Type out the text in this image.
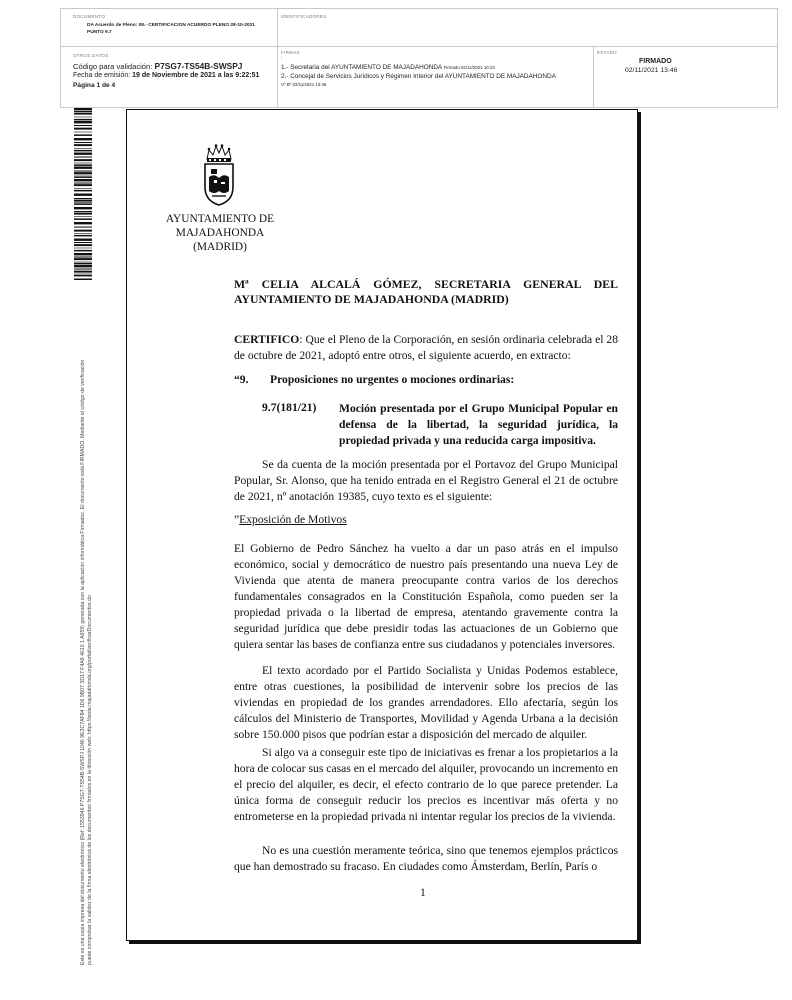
DOCUMENTO
DA Acuerdo de Pleno: 08.- CERTIFICACION ACUERDO PLENO 28-10-2021
PUNTO 9.7
IDENTIFICADORES
OTROS DATOS
Código para validación: P7SG7-TS54B-SWSPJ
Fecha de emisión: 19 de Noviembre de 2021 a las 9:22:51
Página 1 de 4
FIRMAS
:
1.- Secretaria del AYUNTAMIENTO DE MAJADAHONDA Firmado 02/11/2021 10:23
2.- Concejal de Servicios Jurídicos y Régimen Interior del AYUNTAMIENTO DE MAJADAHONDA
Vº Bº 02/11/2021 13:46
ESTADO
FIRMADO
02/11/2021 13:46
Este es una copia impresa del documento electrónico (Ref: 1553946 P7SG7-TS54B-SWSPJ 1046 9E3C7AF84 1D6 9B07 3D17 F4A9 4610 1 A659) generada con la aplicación informática Firmadoc. El documento está FIRMADO. Mediante el código de verificación puede comprobar la validez de la firma electrónica de los documentos firmados en la dirección web: https://sede.majadahonda.org/portal/verificarDocumentos.do
AYUNTAMIENTO DE
MAJADAHONDA
(MADRID)
Mª CELIA ALCALÁ GÓMEZ, SECRETARIA GENERAL DEL AYUNTAMIENTO DE MAJADAHONDA (MADRID)
CERTIFICO: Que el Pleno de la Corporación, en sesión ordinaria celebrada el 28 de octubre de 2021, adoptó entre otros, el siguiente acuerdo, en extracto:
“9. Proposiciones no urgentes o mociones ordinarias:
9.7(181/21) Moción presentada por el Grupo Municipal Popular en defensa de la libertad, la seguridad jurídica, la propiedad privada y una reducida carga impositiva.
Se da cuenta de la moción presentada por el Portavoz del Grupo Municipal Popular, Sr. Alonso, que ha tenido entrada en el Registro General el 21 de octubre de 2021, nº anotación 19385, cuyo texto es el siguiente:
”Exposición de Motivos
El Gobierno de Pedro Sánchez ha vuelto a dar un paso atrás en el impulso económico, social y democrático de nuestro país presentando una nueva Ley de Vivienda que atenta de manera preocupante contra varios de los derechos fundamentales consagrados en la Constitución Española, como pueden ser la propiedad privada o la libertad de empresa, atentando gravemente contra la seguridad jurídica que debe presidir todas las actuaciones de un Gobierno que quiera sentar las bases de confianza entre sus ciudadanos y potenciales inversores.
El texto acordado por el Partido Socialista y Unidas Podemos establece, entre otras cuestiones, la posibilidad de intervenir sobre los precios de las viviendas en propiedad de los grandes arrendadores. Ello afectaría, según los cálculos del Ministerio de Transportes, Movilidad y Agenda Urbana a la decisión sobre 150.000 pisos que podrían estar a disposición del mercado de alquiler.
Si algo va a conseguir este tipo de iniciativas es frenar a los propietarios a la hora de colocar sus casas en el mercado del alquiler, provocando un incremento en el precio del alquiler, es decir, el efecto contrario de lo que parece pretender. La única forma de conseguir reducir los precios es incentivar más oferta y no entrometerse en la propiedad privada ni intentar regular los precios de la vivienda.
No es una cuestión meramente teórica, sino que tenemos ejemplos prácticos que han demostrado su fracaso. En ciudades como Ámsterdam, Berlín, París o
1
